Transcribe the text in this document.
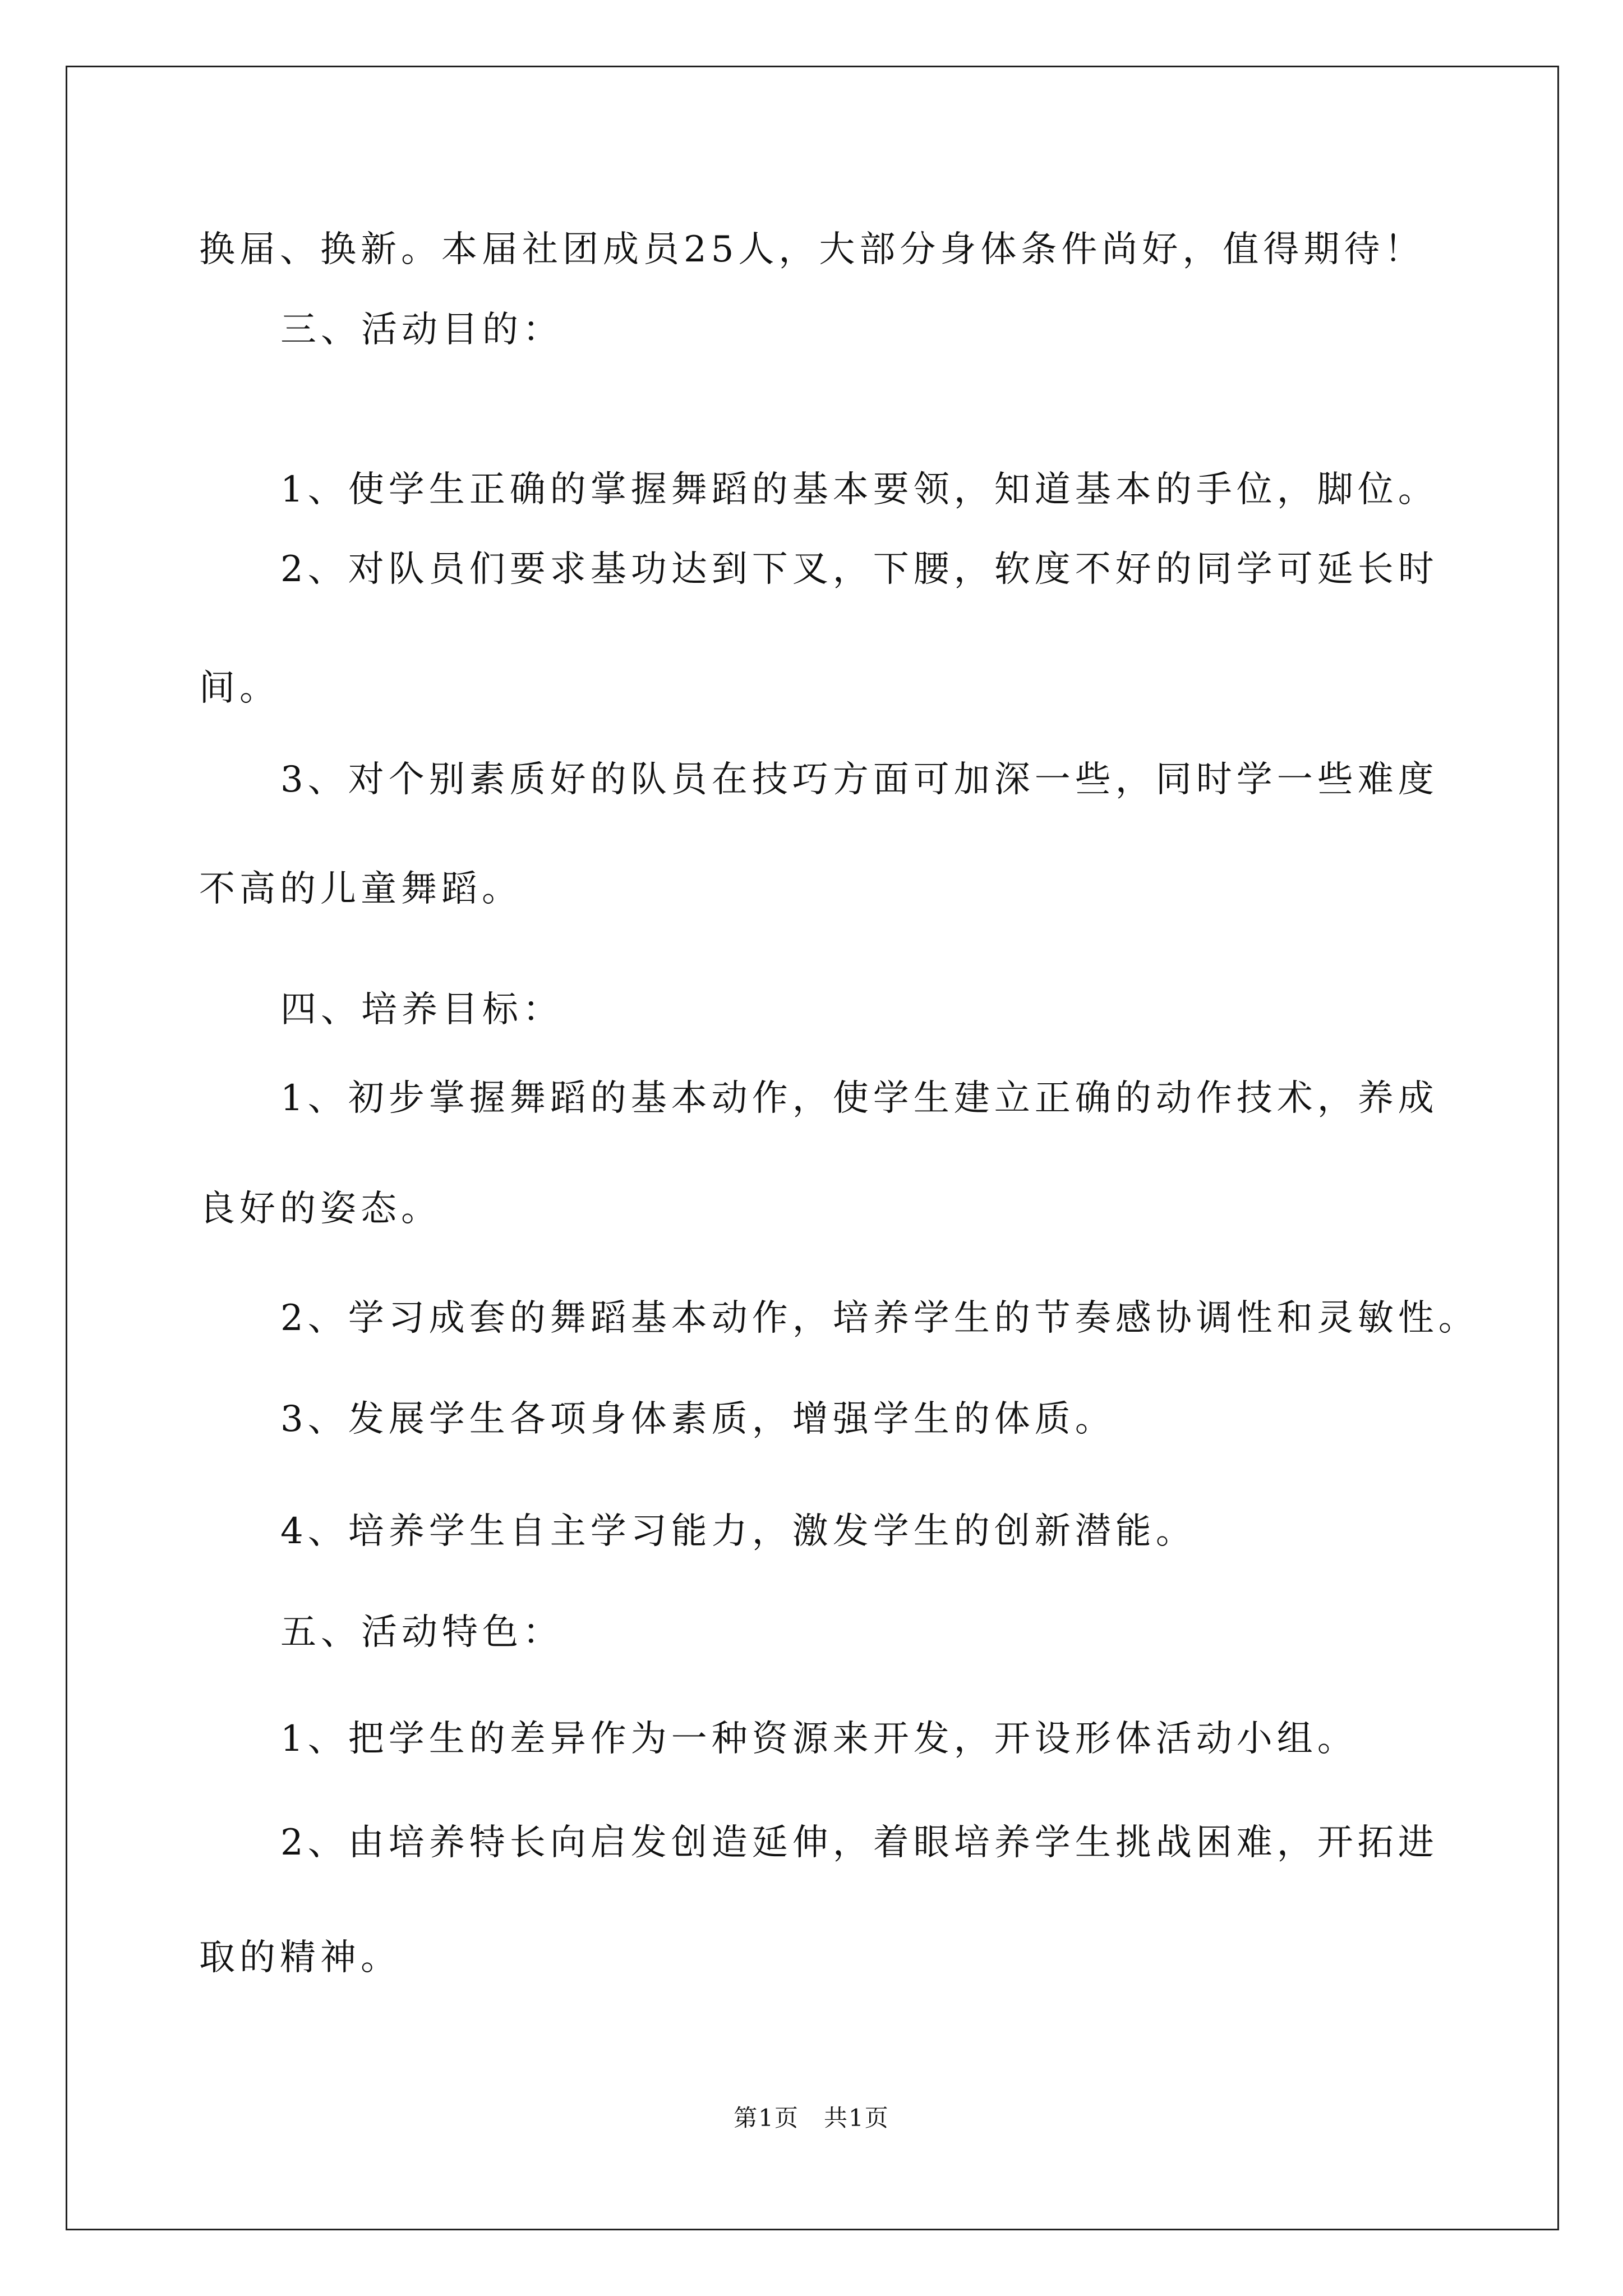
换届、换新。本届社团成员25人，大部分身体条件尚好，值得期待！
三、活动目的：
1、使学生正确的掌握舞蹈的基本要领，知道基本的手位，脚位。
2、对队员们要求基功达到下叉，下腰，软度不好的同学可延长时
间。
3、对个别素质好的队员在技巧方面可加深一些，同时学一些难度
不高的儿童舞蹈。
四、培养目标：
1、初步掌握舞蹈的基本动作，使学生建立正确的动作技术，养成
良好的姿态。
2、学习成套的舞蹈基本动作，培养学生的节奏感协调性和灵敏性。
3、发展学生各项身体素质，增强学生的体质。
4、培养学生自主学习能力，激发学生的创新潜能。
五、活动特色：
1、把学生的差异作为一种资源来开发，开设形体活动小组。
2、由培养特长向启发创造延伸，着眼培养学生挑战困难，开拓进
取的精神。
第1页　共1页
